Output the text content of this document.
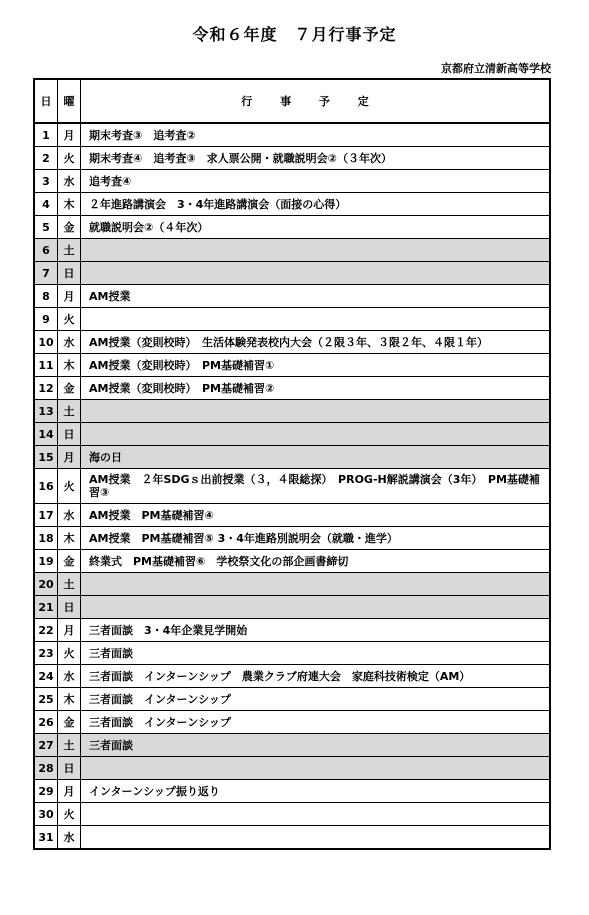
令和６年度　７月行事予定
京都府立清新高等学校
日	曜	行 事 予 定
1	月	期末考査③　追考査②
2	火	期末考査④　追考査③　求人票公開・就職説明会②（３年次）
3	水	追考査④
4	木	２年進路講演会　3・4年進路講演会（面接の心得）
5	金	就職説明会②（４年次）
6	土	
7	日	
8	月	AM授業
9	火	
10	水	AM授業（変則校時）　生活体験発表校内大会（２限３年、３限２年、４限１年）
11	木	AM授業（変則校時）　PM基礎補習①
12	金	AM授業（変則校時）　PM基礎補習②
13	土	
14	日	
15	月	海の日
16	火	AM授業　２年SDGｓ出前授業（３，４限総探）　PROG-H解説講演会（3年）　PM基礎補習③
17	水	AM授業　PM基礎補習④
18	木	AM授業　PM基礎補習⑤ 3・4年進路別説明会（就職・進学）
19	金	終業式　PM基礎補習⑥　学校祭文化の部企画書締切
20	土	
21	日	
22	月	三者面談　3・4年企業見学開始
23	火	三者面談
24	水	三者面談　インターンシップ　農業クラブ府連大会　家庭科技術検定（AM）
25	木	三者面談　インターンシップ
26	金	三者面談　インターンシップ
27	土	三者面談
28	日	
29	月	インターンシップ振り返り
30	火	
31	水	
